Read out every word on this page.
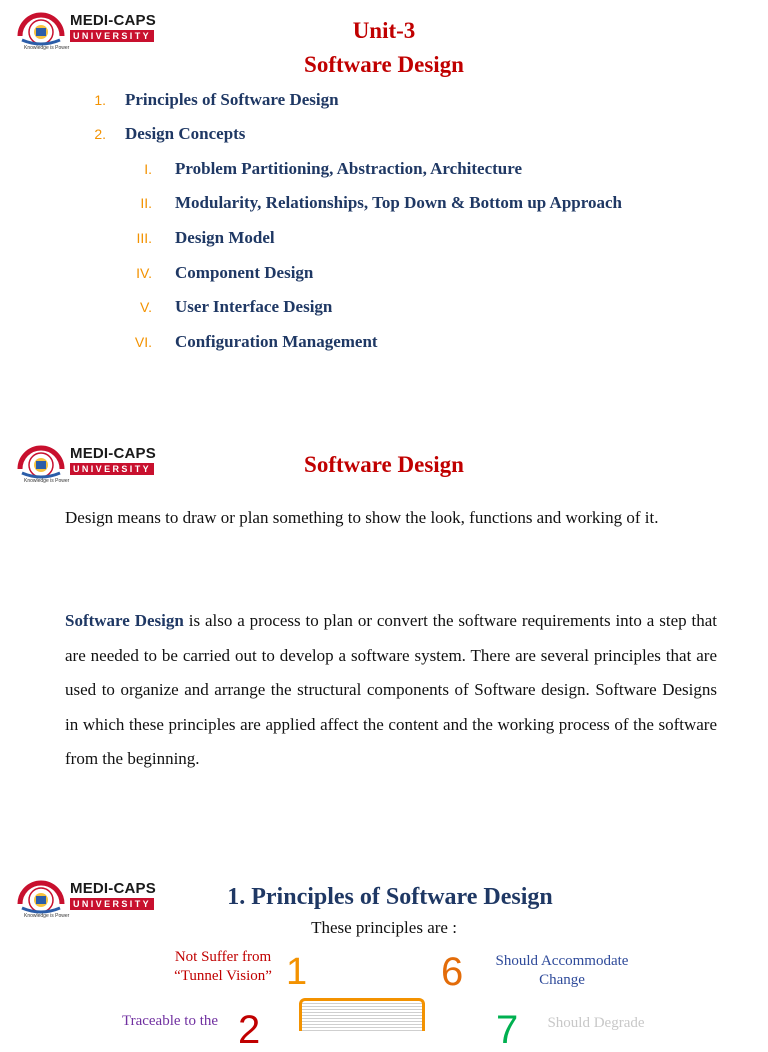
MEDI-CAPS
UNIVERSITY
Knowledge is Power
Unit-3
Software Design
1. Principles of Software Design
2. Design Concepts
I. Problem Partitioning, Abstraction, Architecture
II. Modularity, Relationships, Top Down & Bottom up Approach
III. Design Model
IV. Component Design
V. User Interface Design
VI. Configuration Management
MEDI-CAPS
UNIVERSITY
Knowledge is Power
Software Design
Design means to draw or plan something to show the look, functions and working of it.
Software Design is also a process to plan or convert the software requirements into a step that are needed to be carried out to develop a software system. There are several principles that are used to organize and arrange the structural components of Software design. Software Designs in which these principles are applied affect the content and the working process of the software from the beginning.
MEDI-CAPS
UNIVERSITY
Knowledge is Power
1. Principles of Software Design
These principles are :
Not Suffer from “Tunnel Vision” 1	6	Should Accommodate Change
Traceable to the 2	7	Should Degrade
